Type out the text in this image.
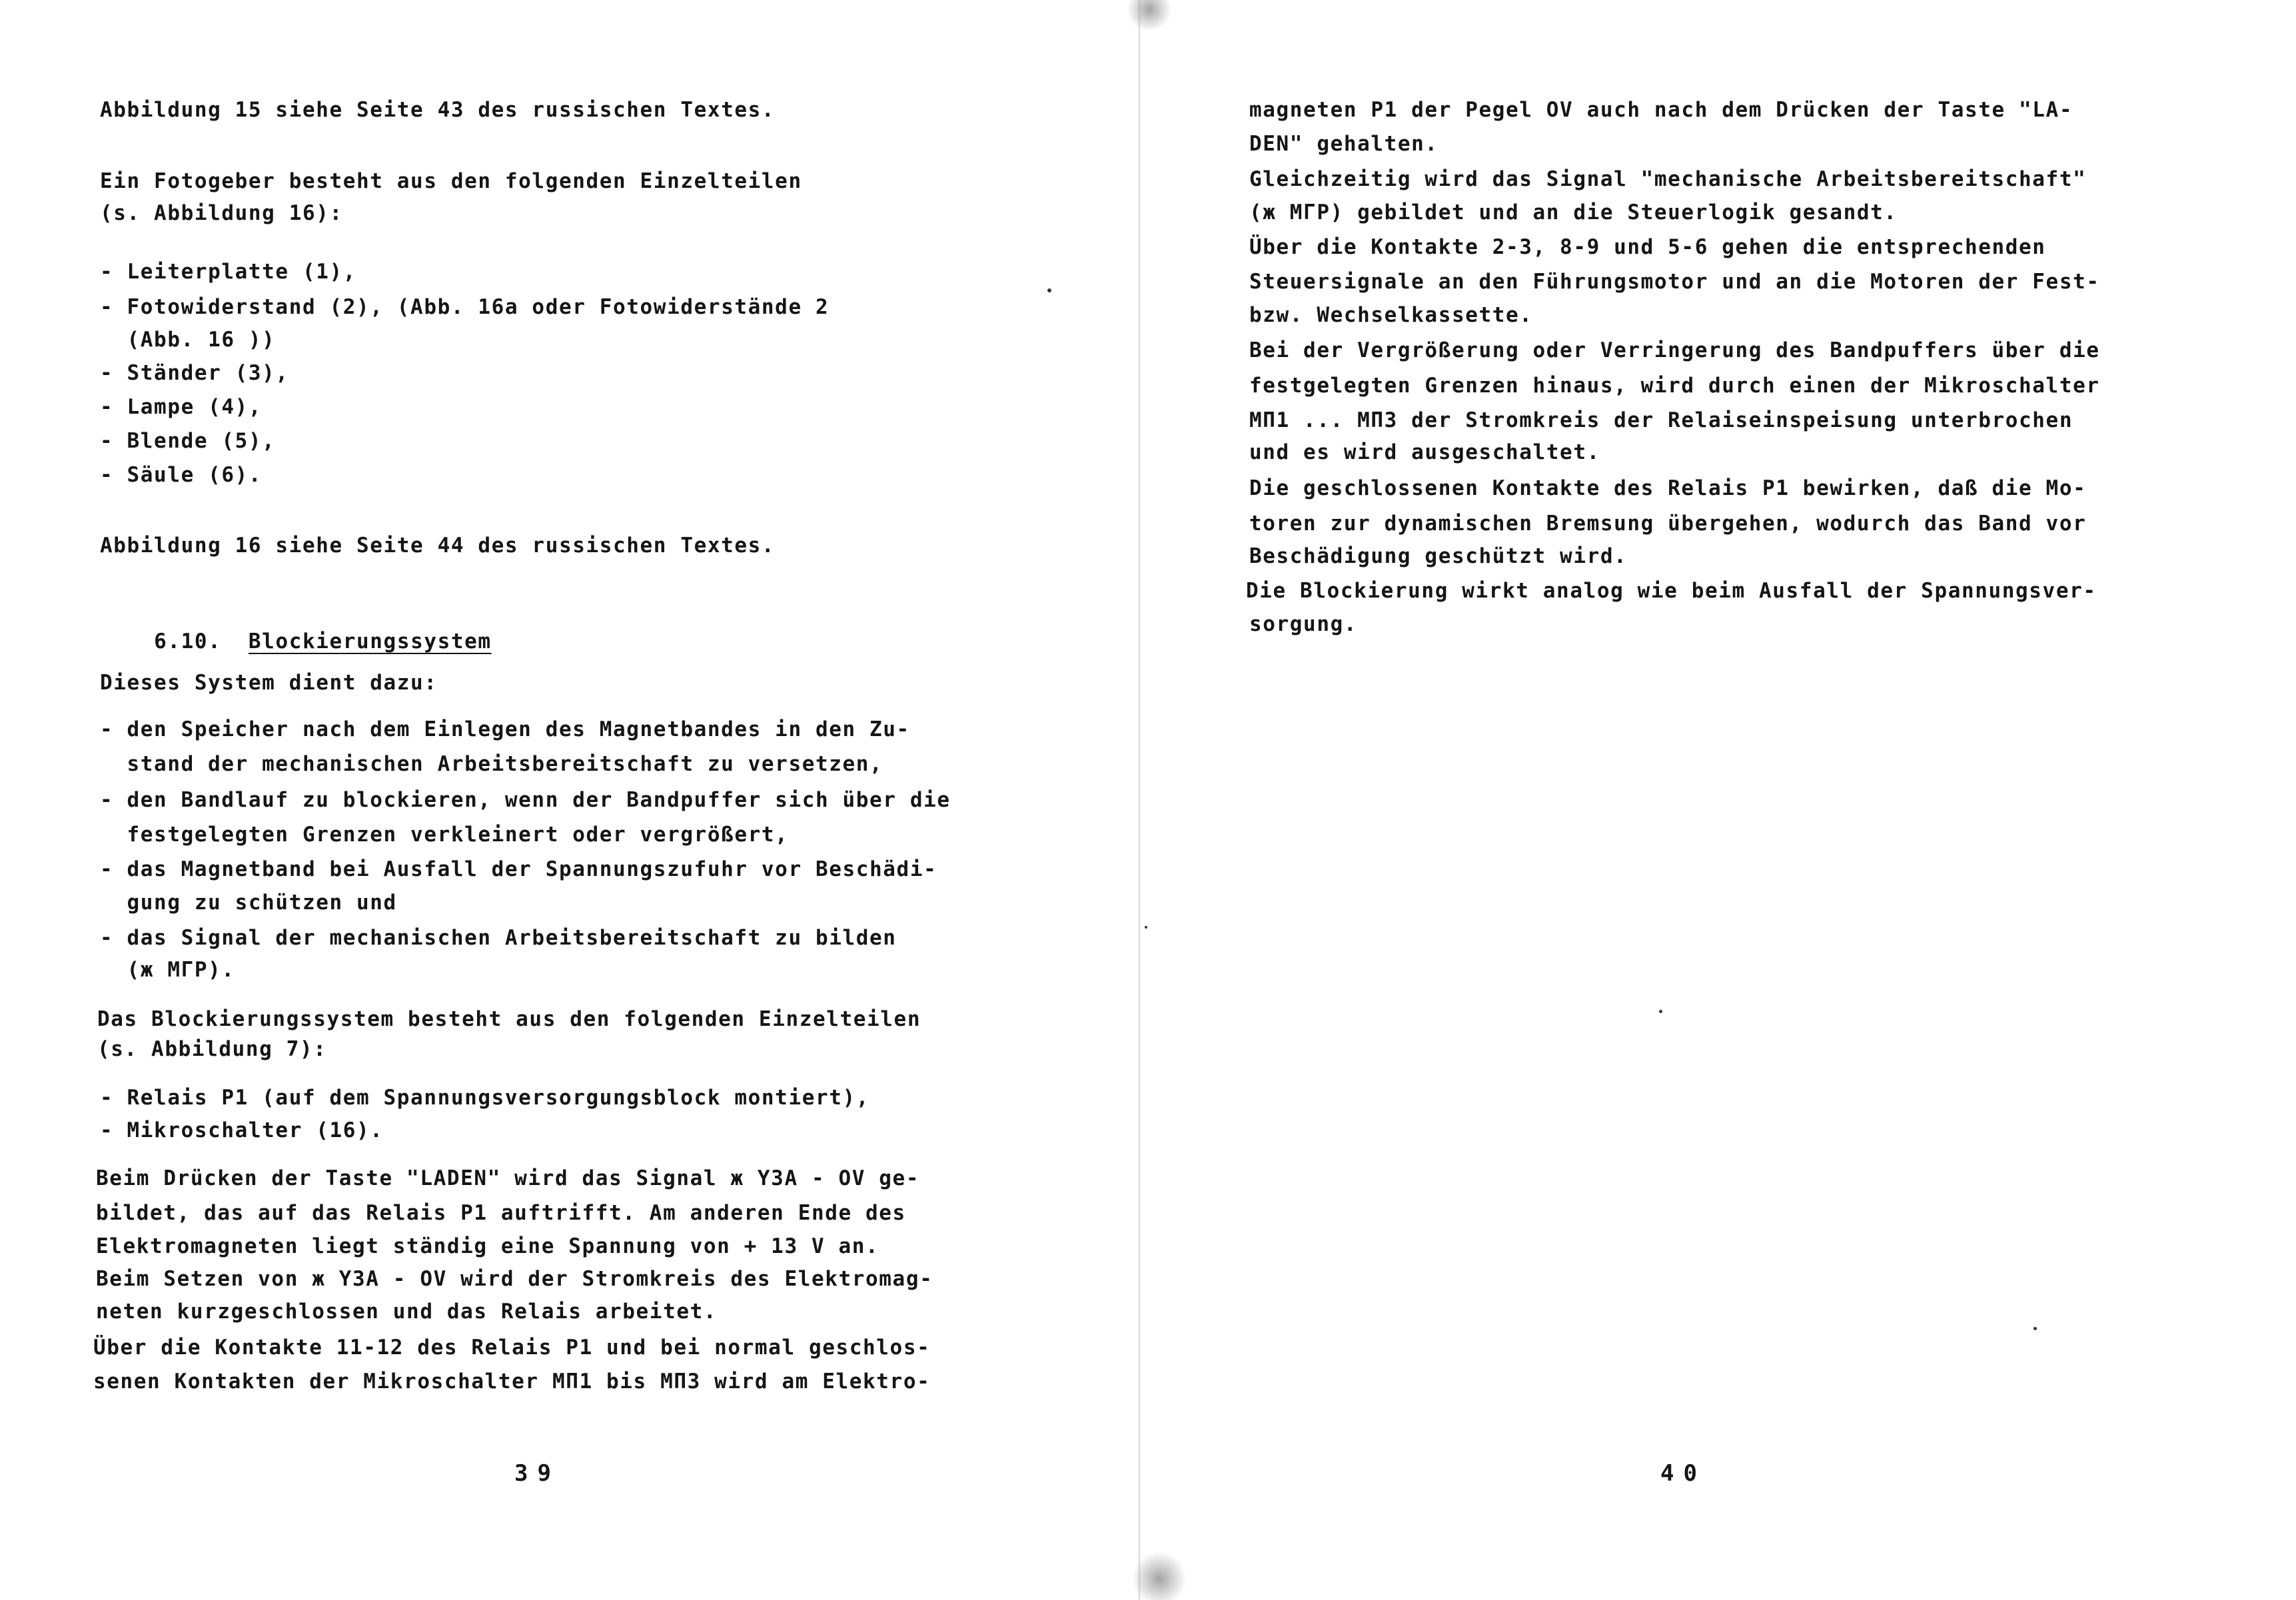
Abbildung 15 siehe Seite 43 des russischen Textes.
Ein Fotogeber besteht aus den folgenden Einzelteilen
(s. Abbildung 16):
- Leiterplatte (1),
- Fotowiderstand (2), (Abb. 16a oder Fotowiderstände 2
(Abb. 16 ))
- Ständer (3),
- Lampe (4),
- Blende (5),
- Säule (6).
Abbildung 16 siehe Seite 44 des russischen Textes.

6.10. Blockierungssystem

Dieses System dient dazu:
- den Speicher nach dem Einlegen des Magnetbandes in den Zu-
stand der mechanischen Arbeitsbereitschaft zu versetzen,
- den Bandlauf zu blockieren, wenn der Bandpuffer sich über die
festgelegten Grenzen verkleinert oder vergrößert,
- das Magnetband bei Ausfall der Spannungszufuhr vor Beschädi-
gung zu schützen und
- das Signal der mechanischen Arbeitsbereitschaft zu bilden
(ж МГР).
Das Blockierungssystem besteht aus den folgenden Einzelteilen
(s. Abbildung 7):
- Relais P1 (auf dem Spannungsversorgungsblock montiert),
- Mikroschalter (16).
Beim Drücken der Taste "LADEN" wird das Signal ж Y3A - OV ge-
bildet, das auf das Relais P1 auftrifft. Am anderen Ende des
Elektromagneten liegt ständig eine Spannung von + 13 V an.
Beim Setzen von ж Y3A - OV wird der Stromkreis des Elektromag-
neten kurzgeschlossen und das Relais arbeitet.
Über die Kontakte 11-12 des Relais P1 und bei normal geschlos-
senen Kontakten der Mikroschalter МП1 bis МП3 wird am Elektro-
39
magneten P1 der Pegel OV auch nach dem Drücken der Taste "LA-
DEN" gehalten.
Gleichzeitig wird das Signal "mechanische Arbeitsbereitschaft"
(ж МГР) gebildet und an die Steuerlogik gesandt.
Über die Kontakte 2-3, 8-9 und 5-6 gehen die entsprechenden
Steuersignale an den Führungsmotor und an die Motoren der Fest-
bzw. Wechselkassette.
Bei der Vergrößerung oder Verringerung des Bandpuffers über die
festgelegten Grenzen hinaus, wird durch einen der Mikroschalter
МП1 ... МП3 der Stromkreis der Relaiseinspeisung unterbrochen
und es wird ausgeschaltet.
Die geschlossenen Kontakte des Relais P1 bewirken, daß die Mo-
toren zur dynamischen Bremsung übergehen, wodurch das Band vor
Beschädigung geschützt wird.
Die Blockierung wirkt analog wie beim Ausfall der Spannungsver-
sorgung.
40
